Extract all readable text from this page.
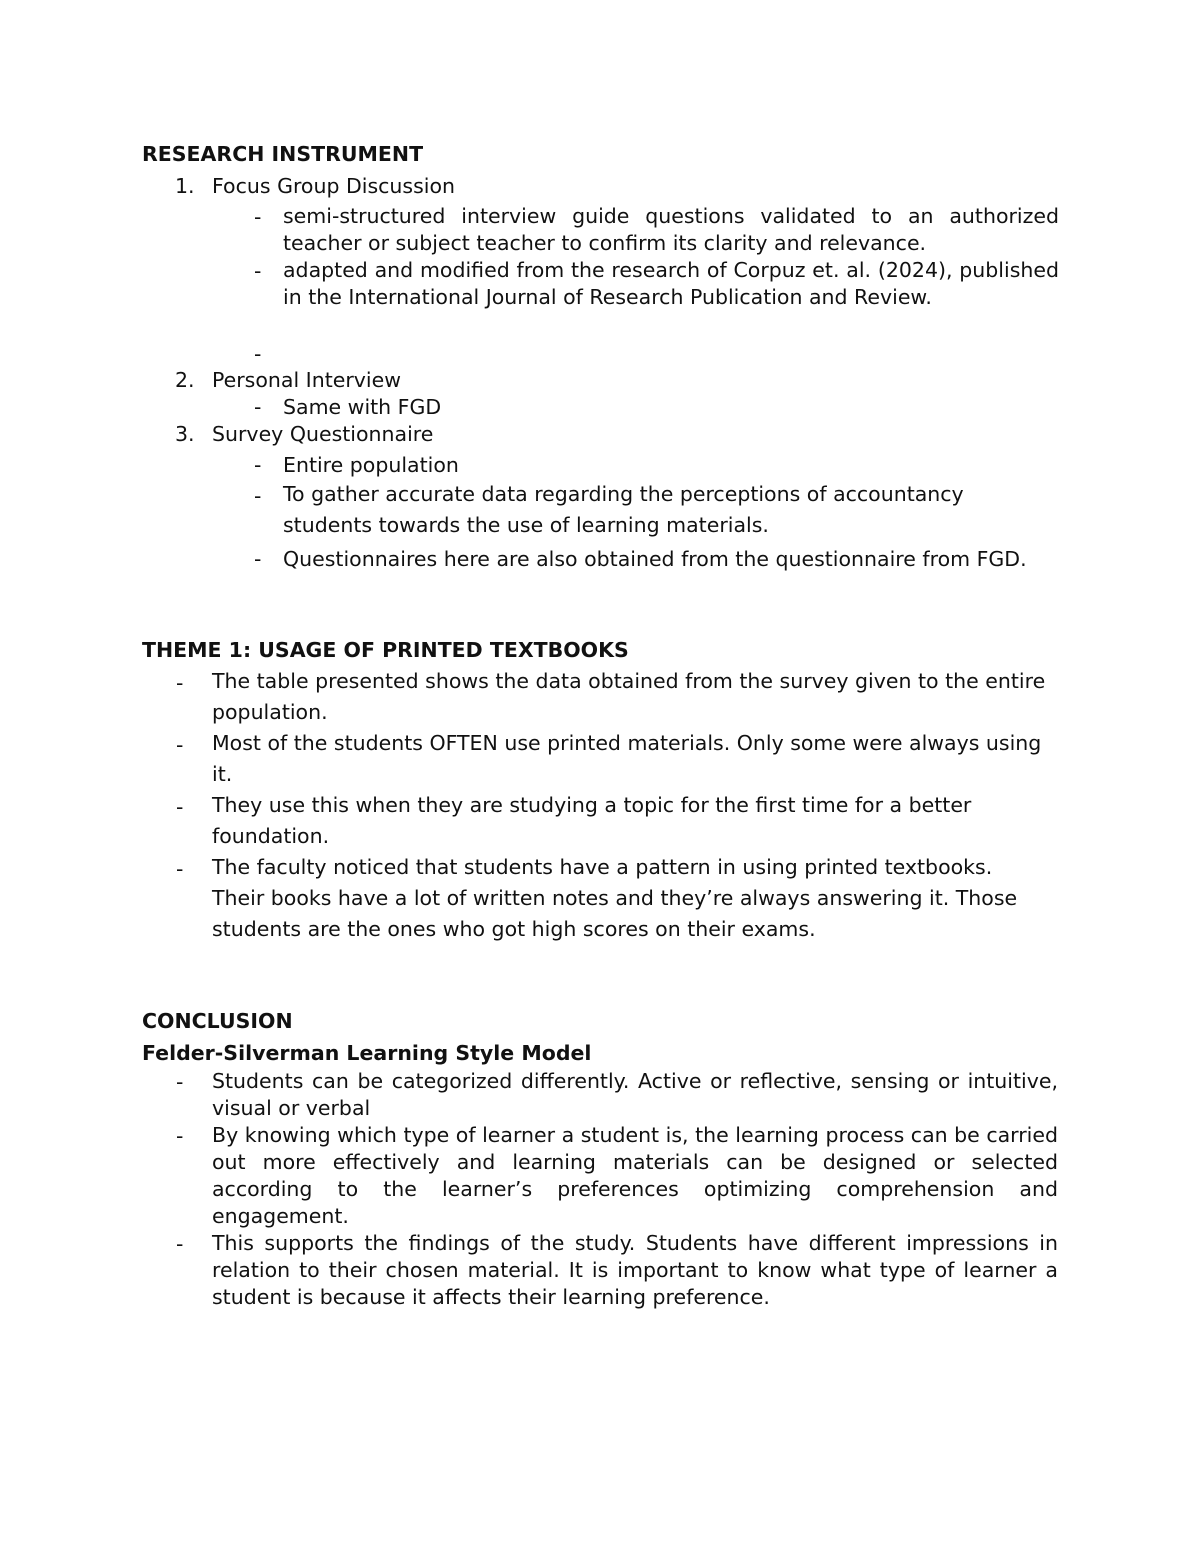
RESEARCH INSTRUMENT
1. Focus Group Discussion
- semi-structured interview guide questions validated to an authorized teacher or subject teacher to confirm its clarity and relevance.
- adapted and modified from the research of Corpuz et. al. (2024), published in the International Journal of Research Publication and Review.
-
2. Personal Interview
- Same with FGD
3. Survey Questionnaire
- Entire population
- To gather accurate data regarding the perceptions of accountancy students towards the use of learning materials.
- Questionnaires here are also obtained from the questionnaire from FGD.
THEME 1: USAGE OF PRINTED TEXTBOOKS
- The table presented shows the data obtained from the survey given to the entire population.
- Most of the students OFTEN use printed materials. Only some were always using it.
- They use this when they are studying a topic for the first time for a better foundation.
- The faculty noticed that students have a pattern in using printed textbooks. Their books have a lot of written notes and they’re always answering it. Those students are the ones who got high scores on their exams.
CONCLUSION
Felder-Silverman Learning Style Model
- Students can be categorized differently. Active or reflective, sensing or intuitive, visual or verbal
- By knowing which type of learner a student is, the learning process can be carried out more effectively and learning materials can be designed or selected according to the learner’s preferences optimizing comprehension and engagement.
- This supports the findings of the study. Students have different impressions in relation to their chosen material. It is important to know what type of learner a student is because it affects their learning preference.
